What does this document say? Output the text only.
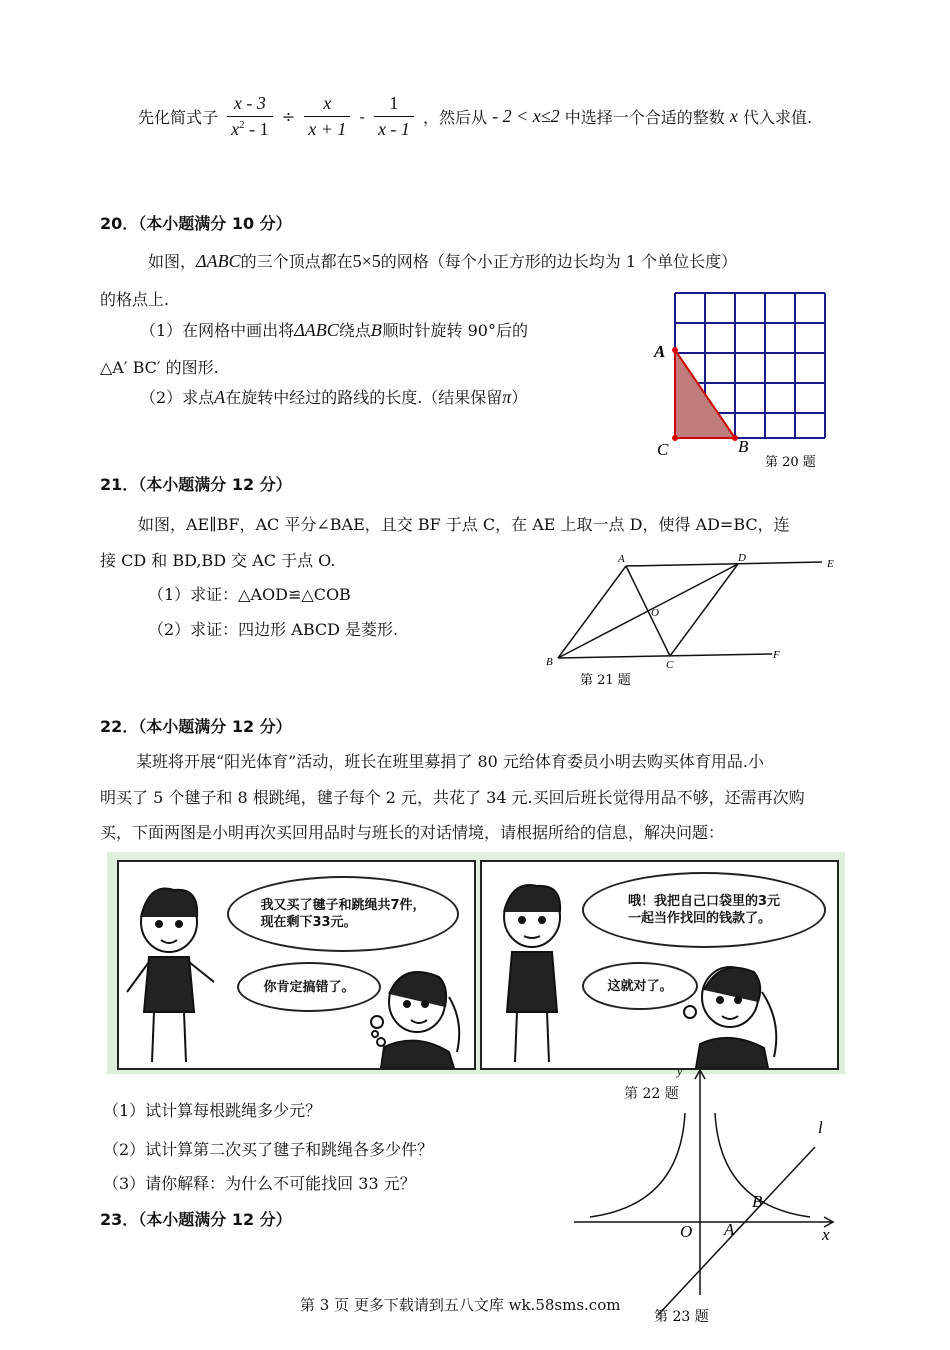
先化简式子 $\frac{x - 3}{x^2 - 1} \div \frac{x}{x + 1} - \frac{1}{x - 1}$ ，然后从 - 2 < x≤2 中选择一个合适的整数 x 代入求值.
20．（本小题满分 10 分）
如图，ΔABC的三个顶点都在5×5的网格（每个小正方形的边长均为 1 个单位长度）
的格点上.
（1）在网格中画出将ΔABC绕点B顺时针旋转 90°后的
△A′ BC′ 的图形.
（2）求点A在旋转中经过的路线的长度.（结果保留π）
A
B
C
第 20 题
21．（本小题满分 12 分）
如图，AE∥BF，AC 平分∠BAE，且交 BF 于点 C，在 AE 上取一点 D，使得 AD=BC，连
接 CD 和 BD,BD 交 AC 于点 O.
（1）求证：△AOD≌△COB
（2）求证：四边形 ABCD 是菱形.
A	D	E
O
B	C
F
第 21 题
22．（本小题满分 12 分）
某班将开展“阳光体育”活动，班长在班里募捐了 80 元给体育委员小明去购买体育用品.小
明买了 5 个毽子和 8 根跳绳，毽子每个 2 元，共花了 34 元.买回后班长觉得用品不够，还需再次购
买，下面两图是小明再次买回用品时与班长的对话情境，请根据所给的信息，解决问题：
我又买了毽子和跳绳共7件，
现在剩下33元。
你肯定搞错了。
哦！我把自己口袋里的3元
一起当作找回的钱款了。
这就对了。
第 22 题
（1）试计算每根跳绳多少元？
（2）试计算第二次买了毽子和跳绳各多少件？
（3）请你解释：为什么不可能找回 33 元？
23．（本小题满分 12 分）
y
l
B
O A	x
第 23 题
第 3 页 更多下载请到五八文库 wk.58sms.com
